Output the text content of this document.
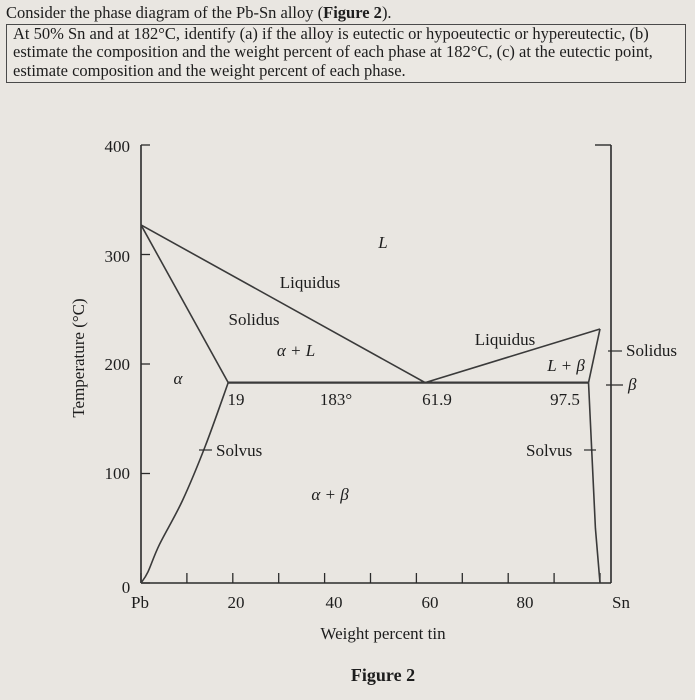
Consider the phase diagram of the Pb-Sn alloy (Figure 2).
At 50% Sn and at 182°C, identify (a) if the alloy is eutectic or hypoeutectic or hypereutectic, (b) estimate the composition and the weight percent of each phase at 182°C, (c) at the eutectic point, estimate composition and the weight percent of each phase.
400
300
200
100
0
Pb	20	40	60	80	Sn
Weight percent tin
Temperature (°C)
L
α
α + L
L + β
α + β
β
Liquidus
Liquidus
Solidus
Solidus
Solvus	Solvus
19	183°	61.9	97.5
Figure 2
